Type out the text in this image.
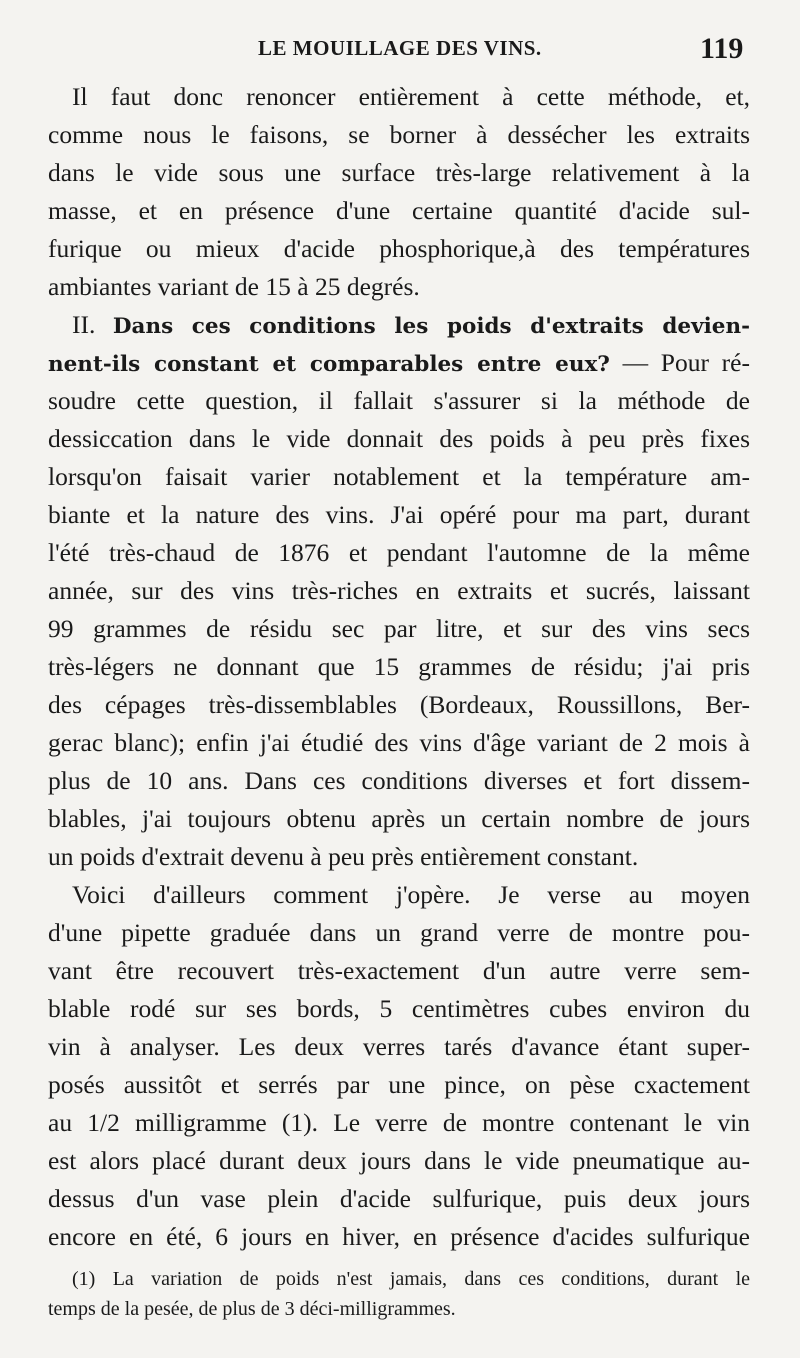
LE MOUILLAGE DES VINS.	119
Il faut donc renoncer entièrement à cette méthode, et,
comme nous le faisons, se borner à dessécher les extraits
dans le vide sous une surface très-large relativement à la
masse, et en présence d'une certaine quantité d'acide sul-
furique ou mieux d'acide phosphorique,à des températures
ambiantes variant de 15 à 25 degrés.
II. Dans ces conditions les poids d'extraits devien-
nent-ils constant et comparables entre eux? — Pour ré-
soudre cette question, il fallait s'assurer si la méthode de
dessiccation dans le vide donnait des poids à peu près fixes
lorsqu'on faisait varier notablement et la température am-
biante et la nature des vins. J'ai opéré pour ma part, durant
l'été très-chaud de 1876 et pendant l'automne de la même
année, sur des vins très-riches en extraits et sucrés, laissant
99 grammes de résidu sec par litre, et sur des vins secs
très-légers ne donnant que 15 grammes de résidu; j'ai pris
des cépages très-dissemblables (Bordeaux, Roussillons, Ber-
gerac blanc); enfin j'ai étudié des vins d'âge variant de 2 mois à
plus de 10 ans. Dans ces conditions diverses et fort dissem-
blables, j'ai toujours obtenu après un certain nombre de jours
un poids d'extrait devenu à peu près entièrement constant.
Voici d'ailleurs comment j'opère. Je verse au moyen
d'une pipette graduée dans un grand verre de montre pou-
vant être recouvert très-exactement d'un autre verre sem-
blable rodé sur ses bords, 5 centimètres cubes environ du
vin à analyser. Les deux verres tarés d'avance étant super-
posés aussitôt et serrés par une pince, on pèse cxactement
au 1/2 milligramme (1). Le verre de montre contenant le vin
est alors placé durant deux jours dans le vide pneumatique au-
dessus d'un vase plein d'acide sulfurique, puis deux jours
encore en été, 6 jours en hiver, en présence d'acides sulfurique
(1) La variation de poids n'est jamais, dans ces conditions, durant le
temps de la pesée, de plus de 3 déci-milligrammes.
